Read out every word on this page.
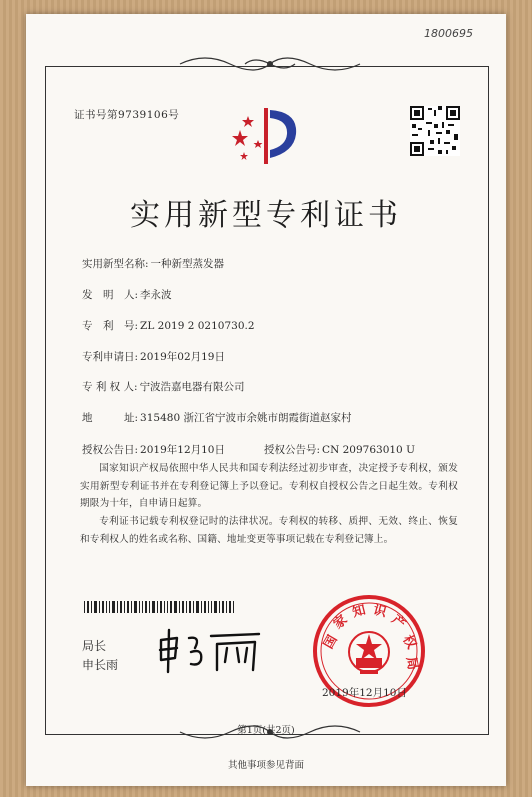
1800695
证书号第9739106号
实用新型专利证书
实用新型名称: 一种新型蒸发器
发　明　人: 李永波
专　利　号: ZL 2019 2 0210730.2
专利申请日: 2019年02月19日
专 利 权 人: 宁波浩嘉电器有限公司
地　　　址: 315480 浙江省宁波市余姚市朗霞街道赵家村
授权公告日: 2019年12月10日	授权公告号: CN 209763010 U
国家知识产权局依照中华人民共和国专利法经过初步审查，决定授予专利权，颁发实用新型专利证书并在专利登记簿上予以登记。专利权自授权公告之日起生效。专利权期限为十年，自申请日起算。
专利证书记载专利权登记时的法律状况。专利权的转移、质押、无效、终止、恢复和专利权人的姓名或名称、国籍、地址变更等事项记载在专利登记簿上。
局长
申长雨
国
家
知 识
产
权
局
2019年12月10日
第1页(共2页)
其他事项参见背面
